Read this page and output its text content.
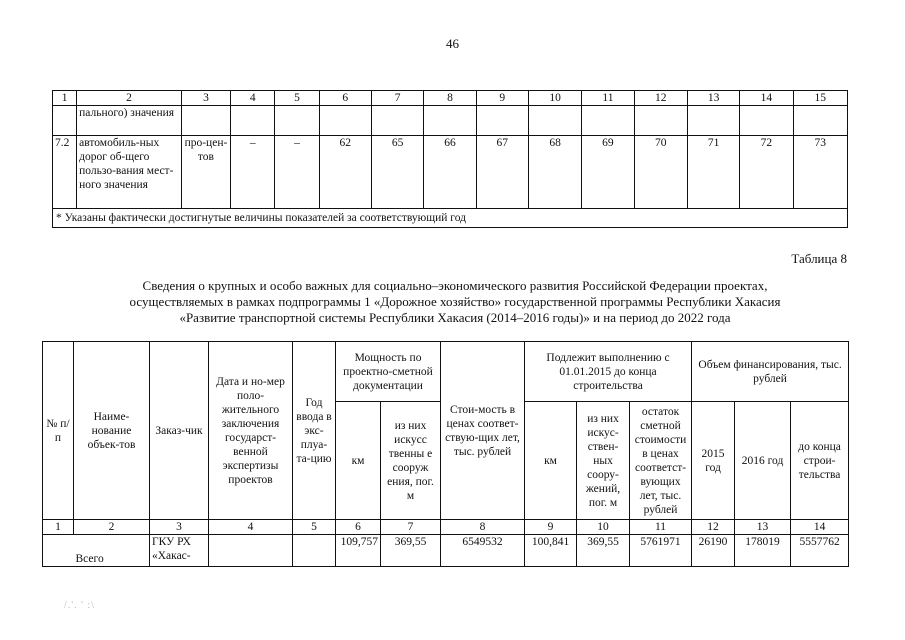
46
1	2	3	4	5	6	7	8	9	10	11	12	13	14	15
	пального) значения													
7.2	автомобиль-ных дорог об-щего пользо-вания мест-ного значения	про-цен-тов	–	–	62	65	66	67	68	69	70	71	72	73
* Указаны фактически достигнутые величины показателей за соответствующий год														
Таблица 8
Сведения о крупных и особо важных для социально–экономического развития Российской Федерации проектах,
осуществляемых в рамках подпрограммы 1 «Дорожное хозяйство» государственной программы Республики Хакасия
«Развитие транспортной системы Республики Хакасия (2014–2016 годы)» и на период до 2022 года
№ п/п	Наиме-нование объек-тов	Заказ-чик	Дата и но-мер поло-жительного заключения государст-венной экспертизы проектов	Год ввода в экс-плуа-та-цию	Мощность по проектно-сметной документации		Стои-мость в ценах соответ-ствую-щих лет, тыс. рублей	Подлежит выполнению с 01.01.2015 до конца строительства			Объем финансирования, тыс. рублей		
					км	из них искусс твенны е сооруж ения, пог. м		км	из них искус-ствен-ных соору-жений, пог. м	остаток сметной стоимости в ценах соответст-вующих лет, тыс. рублей	2015 год	2016 год	до конца строи-тельства
1	2	3	4	5	6	7	8	9	10	11	12	13	14
	Всего	ГКУ РХ «Хакас-			109,757	369,55	6549532	100,841	369,55	5761971	26190	178019	5557762
/.'. ' :\
